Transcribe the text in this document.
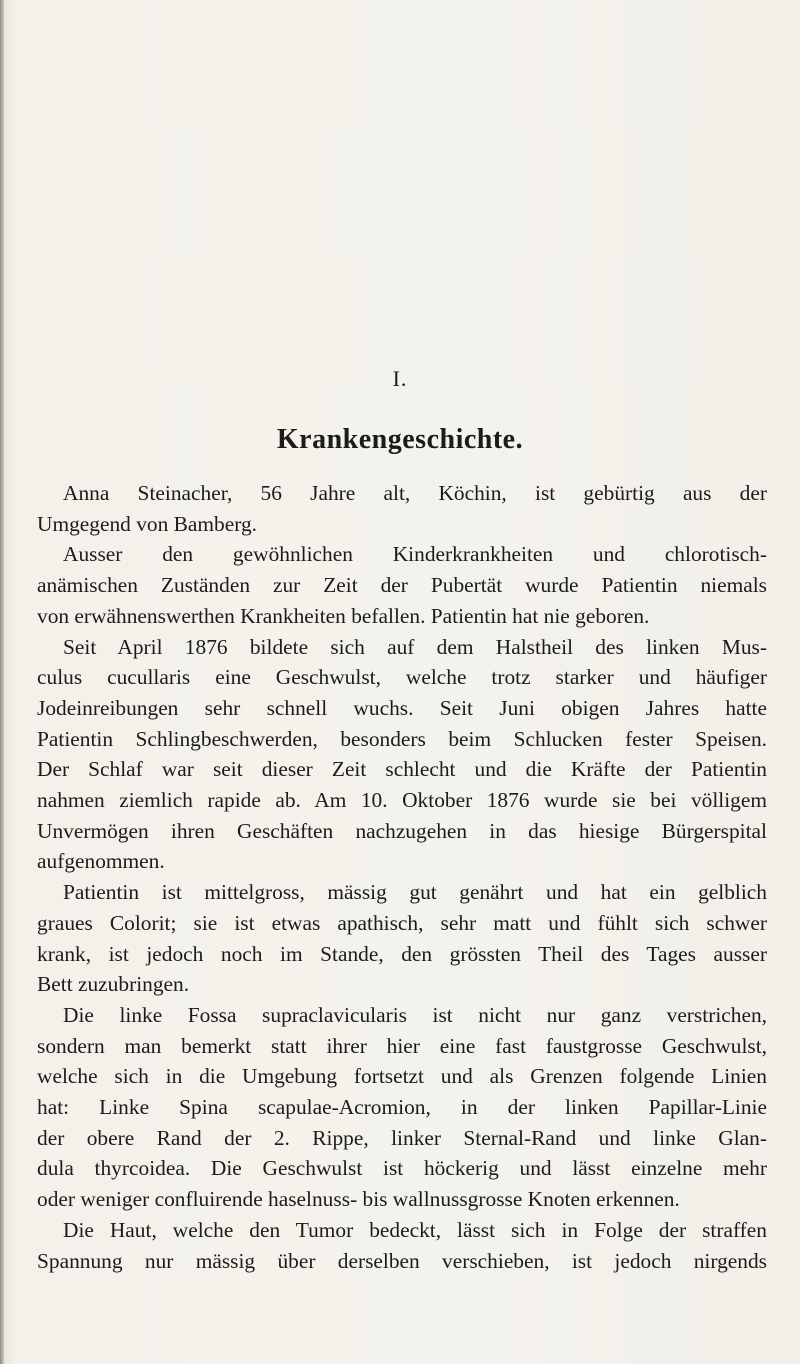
I.
Krankengeschichte.
Anna Steinacher, 56 Jahre alt, Köchin, ist gebürtig aus der
Umgegend von Bamberg.
Ausser den gewöhnlichen Kinderkrankheiten und chlorotisch-
anämischen Zuständen zur Zeit der Pubertät wurde Patientin niemals
von erwähnenswerthen Krankheiten befallen. Patientin hat nie geboren.
Seit April 1876 bildete sich auf dem Halstheil des linken Mus-
culus cucullaris eine Geschwulst, welche trotz starker und häufiger
Jodeinreibungen sehr schnell wuchs. Seit Juni obigen Jahres hatte
Patientin Schlingbeschwerden, besonders beim Schlucken fester Speisen.
Der Schlaf war seit dieser Zeit schlecht und die Kräfte der Patientin
nahmen ziemlich rapide ab. Am 10. Oktober 1876 wurde sie bei völligem
Unvermögen ihren Geschäften nachzugehen in das hiesige Bürgerspital
aufgenommen.
Patientin ist mittelgross, mässig gut genährt und hat ein gelblich
graues Colorit; sie ist etwas apathisch, sehr matt und fühlt sich schwer
krank, ist jedoch noch im Stande, den grössten Theil des Tages ausser
Bett zuzubringen.
Die linke Fossa supraclavicularis ist nicht nur ganz verstrichen,
sondern man bemerkt statt ihrer hier eine fast faustgrosse Geschwulst,
welche sich in die Umgebung fortsetzt und als Grenzen folgende Linien
hat: Linke Spina scapulae-Acromion, in der linken Papillar-Linie
der obere Rand der 2. Rippe, linker Sternal-Rand und linke Glan-
dula thyrcoidea. Die Geschwulst ist höckerig und lässt einzelne mehr
oder weniger confluirende haselnuss- bis wallnussgrosse Knoten erkennen.
Die Haut, welche den Tumor bedeckt, lässt sich in Folge der straffen
Spannung nur mässig über derselben verschieben, ist jedoch nirgends
